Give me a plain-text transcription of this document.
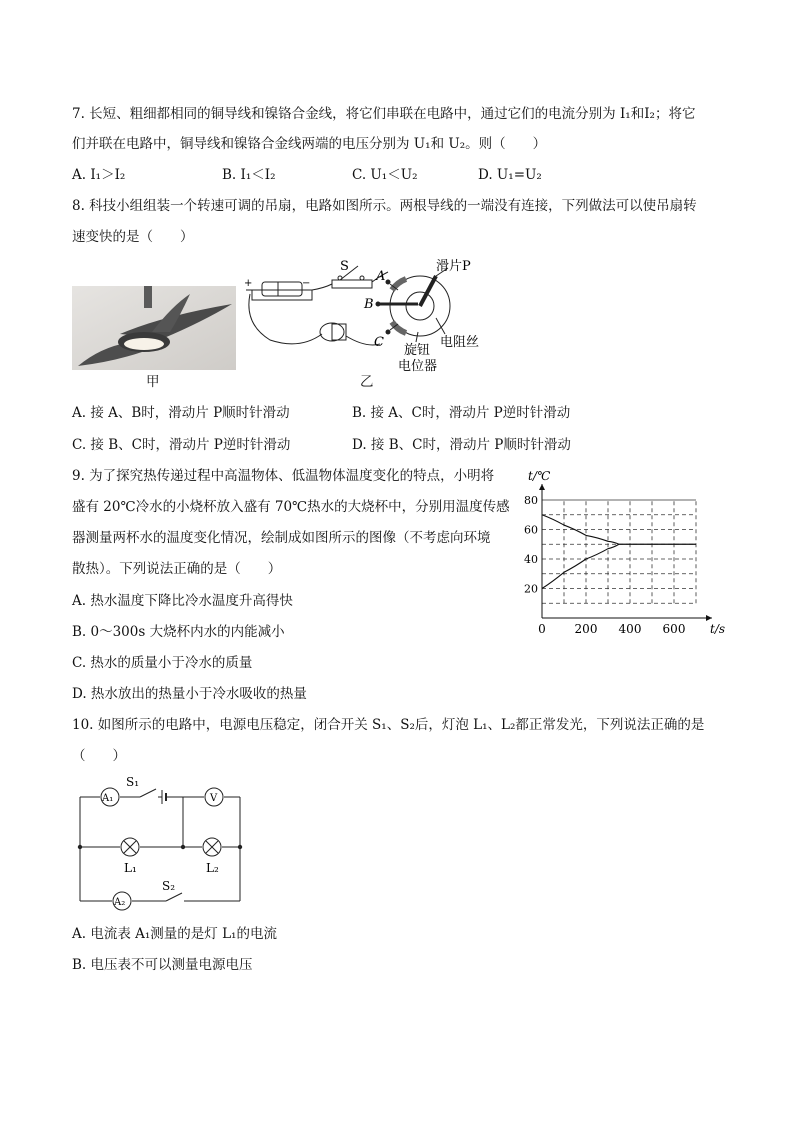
7. 长短、粗细都相同的铜导线和镍铬合金线，将它们串联在电路中，通过它们的电流分别为 I₁和I₂；将它
们并联在电路中，铜导线和镍铬合金线两端的电压分别为 U₁和 U₂。则（　　）
A. I₁＞I₂	B. I₁＜I₂	C. U₁＜U₂	D. U₁=U₂
8. 科技小组组装一个转速可调的吊扇，电路如图所示。两根导线的一端没有连接，下列做法可以使吊扇转
速变快的是（　　）
甲
+	−
S
A
B
C
滑片P
电阻丝
旋钮
电位器
乙
A. 接 A、B时，滑动片 P顺时针滑动	B. 接 A、C时，滑动片 P逆时针滑动
C. 接 B、C时，滑动片 P逆时针滑动	D. 接 B、C时，滑动片 P顺时针滑动
9. 为了探究热传递过程中高温物体、低温物体温度变化的特点，小明将
盛有 20℃冷水的小烧杯放入盛有 70℃热水的大烧杯中，分别用温度传感
器测量两杯水的温度变化情况，绘制成如图所示的图像（不考虑向环境
散热）。下列说法正确的是（　　）
A. 热水温度下降比冷水温度升高得快
B. 0～300s 大烧杯内水的内能减小
C. 热水的质量小于冷水的质量
D. 热水放出的热量小于冷水吸收的热量
0 200 400 600
20
40
60
80
t/℃
t/s
10. 如图所示的电路中，电源电压稳定，闭合开关 S₁、S₂后，灯泡 L₁、L₂都正常发光，下列说法正确的是
（　　）
A₁	V
A₂
S₁
S₂
L₁	L₂
A. 电流表 A₁测量的是灯 L₁的电流
B. 电压表不可以测量电源电压
